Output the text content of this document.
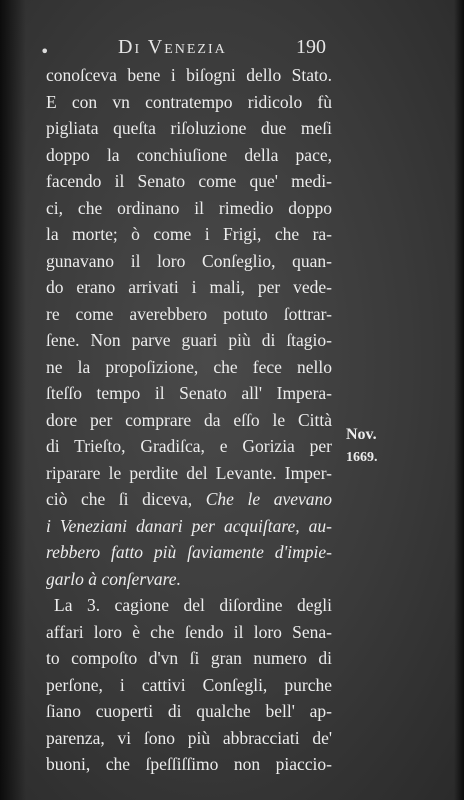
•	Di Venezia	190
conoſceva bene i biſogni dello Stato.
E con vn contratempo ridicolo fù
pigliata queſta riſoluzione due meſi
doppo la conchiuſione della pace,
facendo il Senato come que' medi-
ci, che ordinano il rimedio doppo
la morte; ò come i Frigi, che ra-
gunavano il loro Conſeglio, quan-
do erano arrivati i mali, per vede-
re come averebbero potuto ſottrar-
ſene. Non parve guari più di ſtagio-
ne la propoſizione, che fece nello
ſteſſo tempo il Senato all' Impera-
dore per comprare da eſſo le Città
di Trieſto, Gradiſca, e Gorizia per
riparare le perdite del Levante. Imper-
ciò che ſi diceva, Che le avevano
i Veneziani danari per acquiſtare, au-
rebbero fatto più ſaviamente d'impie-
garlo à conſervare.
La 3. cagione del diſordine degli
affari loro è che ſendo il loro Sena-
to compoſto d'vn ſi gran numero di
perſone, i cattivi Conſegli, purche
ſiano cuoperti di qualche bell' ap-
parenza, vi ſono più abbracciati de'
buoni, che ſpeſſiſſimo non piaccio-
Nov.
1669.
